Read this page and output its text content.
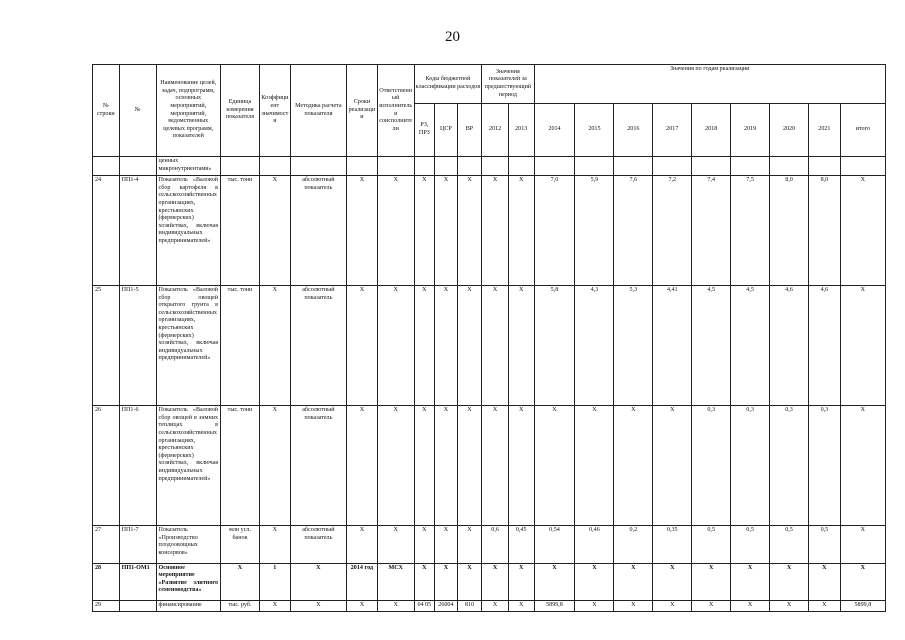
20
№ строки	№	Наименование целей, задач, подпрограмм, основных мероприятий, мероприятий, ведомственных целевых программ, показателей	Единица измерения показателя	Коэффициент значимости	Методика расчета показателя	Сроки реализации	Ответственный исполнитель и соисполнители	Коды бюджетной классификации расходов			Значения показателей за предшествующий период		Значения по годам реализации								
								РЗ, ПРЗ	ЦСР	ВР	2012	2013	2014	2015	2016	2017	2018	2019	2020	2021	итого
		ценных микронутриентами»																			
24	ПП1-4	Показатель «Валовой сбор картофеля в сельскохозяйственных организациях, крестьянских (фермерских) хозяйствах, включая индивидуальных предпринимателей»	тыс. тонн	Х	абсолютный показатель	Х	Х	Х	Х	Х	Х	Х	7,0	5,9	7,6	7,2	7,4	7,5	8,0	8,0	Х
25	ПП1-5	Показатель «Валовой сбор овощей открытого грунта в сельскохозяйственных организациях, крестьянских (фермерских) хозяйствах, включая индивидуальных предпринимателей»	тыс. тонн	Х	абсолютный показатель	Х	Х	Х	Х	Х	Х	Х	5,8	4,3	5,3	4,41	4,5	4,5	4,6	4,6	Х
26	ПП1-6	Показатель «Валовой сбор овощей в зимних теплицах в сельскохозяйственных организациях, крестьянских (фермерских) хозяйствах, включая индивидуальных предпринимателей»	тыс. тонн	Х	абсолютный показатель	Х	Х	Х	Х	Х	Х	Х	Х	Х	Х	Х	0,3	0,3	0,3	0,3	Х
27	ПП1-7	Показатель «Производство плодоовощных консервов»	млн усл. банок	Х	абсолютный показатель	Х	Х	Х	Х	Х	0,6	0,45	0,54	0,46	0,2	0,35	0,5	0,5	0,5	0,5	Х
28	ПП1-ОМ1	Основное мероприятие «Развитие элитного семеноводства»	Х	1	Х	2014 год	МСХ	Х	Х	Х	Х	Х	Х	Х	Х	Х	Х	Х	Х	Х	Х
29		финансирование	тыс. руб.	Х	Х	Х	Х	04 05	26004	810	Х	Х	5899,8	Х	Х	Х	Х	Х	Х	Х	5899,8
